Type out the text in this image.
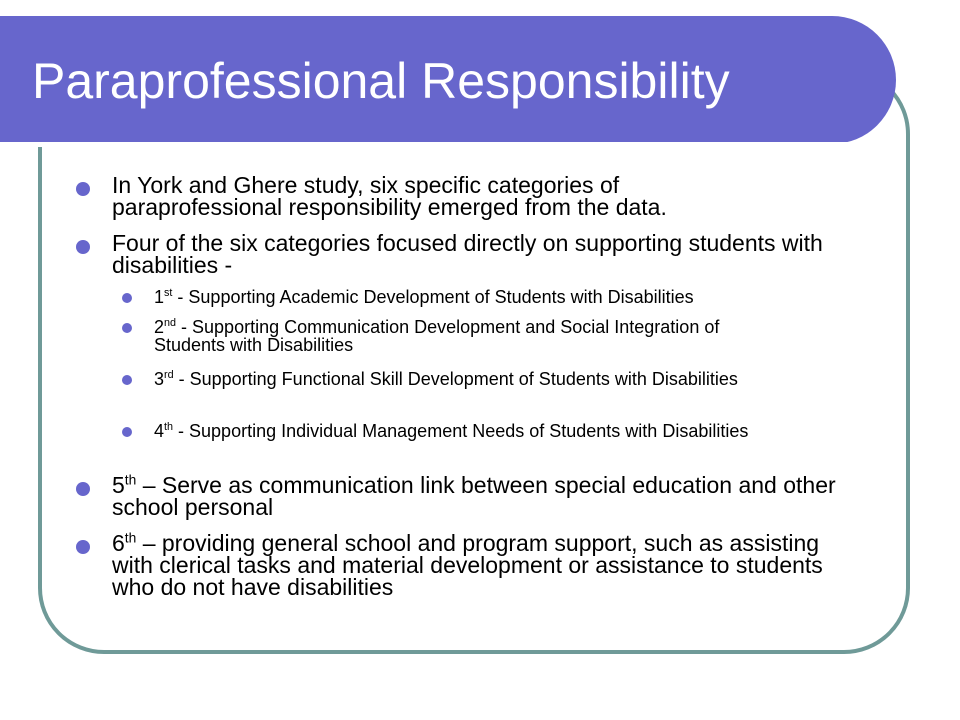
Paraprofessional Responsibility
In York and Ghere study, six specific categories of paraprofessional responsibility emerged from the data.
Four of the six categories focused directly on supporting students with disabilities -
1st - Supporting Academic Development of Students with Disabilities
2nd - Supporting Communication Development and Social Integration of Students with Disabilities
3rd - Supporting Functional Skill Development of Students with Disabilities
4th - Supporting Individual Management Needs of Students with Disabilities
5th – Serve as communication link between special education and other school personal
6th – providing general school and program support, such as assisting with clerical tasks and material development or assistance to students who do not have disabilities
